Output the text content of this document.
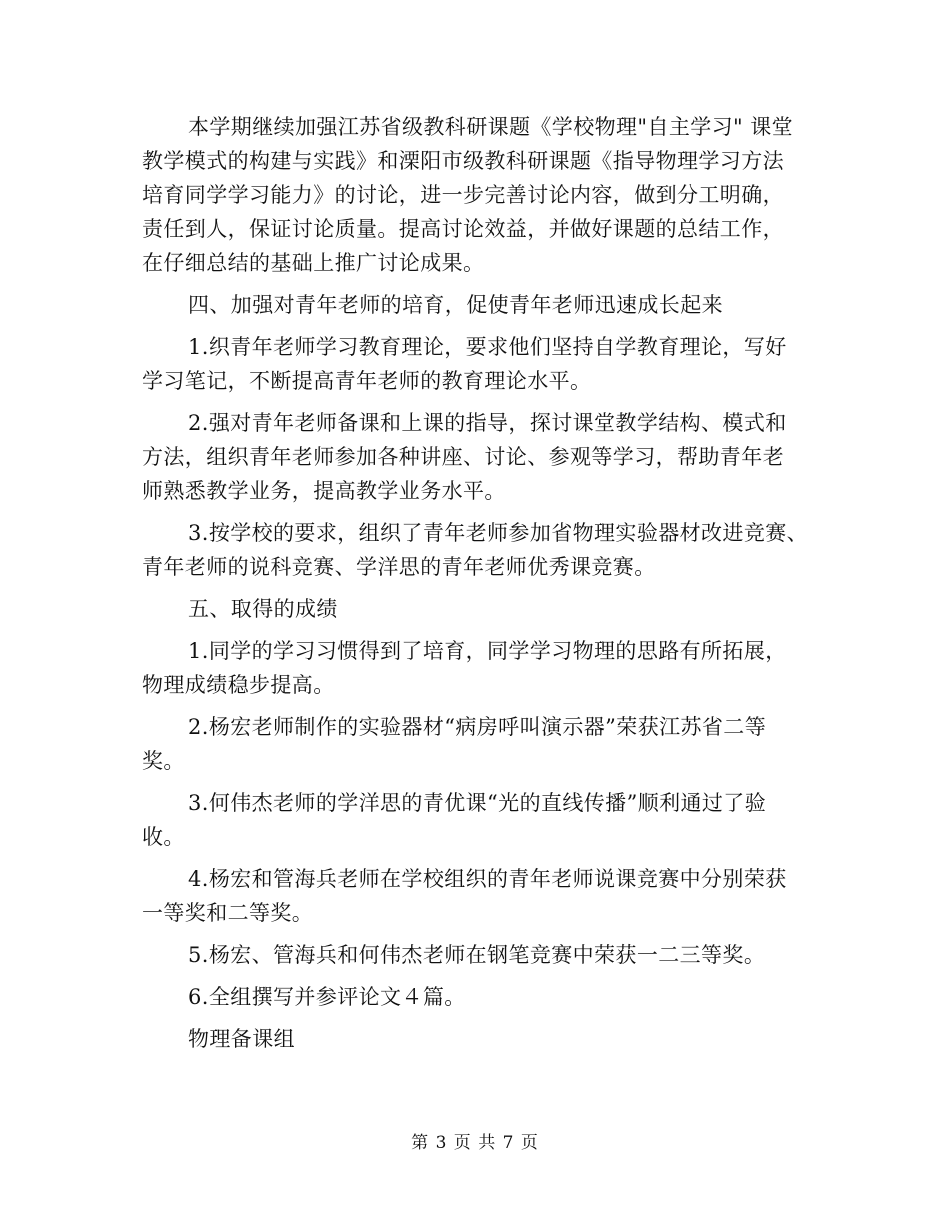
本学期继续加强江苏省级教科研课题《学校物理"自主学习" 课堂
教学模式的构建与实践》和溧阳市级教科研课题《指导物理学习方法
培育同学学习能力》的讨论，进一步完善讨论内容，做到分工明确，
责任到人，保证讨论质量。提高讨论效益，并做好课题的总结工作，
在仔细总结的基础上推广讨论成果。
四、加强对青年老师的培育，促使青年老师迅速成长起来
1.织青年老师学习教育理论，要求他们坚持自学教育理论，写好
学习笔记，不断提高青年老师的教育理论水平。
2.强对青年老师备课和上课的指导，探讨课堂教学结构、模式和
方法，组织青年老师参加各种讲座、讨论、参观等学习，帮助青年老
师熟悉教学业务，提高教学业务水平。
3.按学校的要求，组织了青年老师参加省物理实验器材改进竞赛、
青年老师的说科竞赛、学洋思的青年老师优秀课竞赛。
五、取得的成绩
1.同学的学习习惯得到了培育，同学学习物理的思路有所拓展，
物理成绩稳步提高。
2.杨宏老师制作的实验器材“病房呼叫演示器”荣获江苏省二等
奖。
3.何伟杰老师的学洋思的青优课“光的直线传播”顺利通过了验
收。
4.杨宏和管海兵老师在学校组织的青年老师说课竞赛中分别荣获
一等奖和二等奖。
5.杨宏、管海兵和何伟杰老师在钢笔竞赛中荣获一二三等奖。
6.全组撰写并参评论文４篇。
物理备课组
第 3 页 共 7 页
